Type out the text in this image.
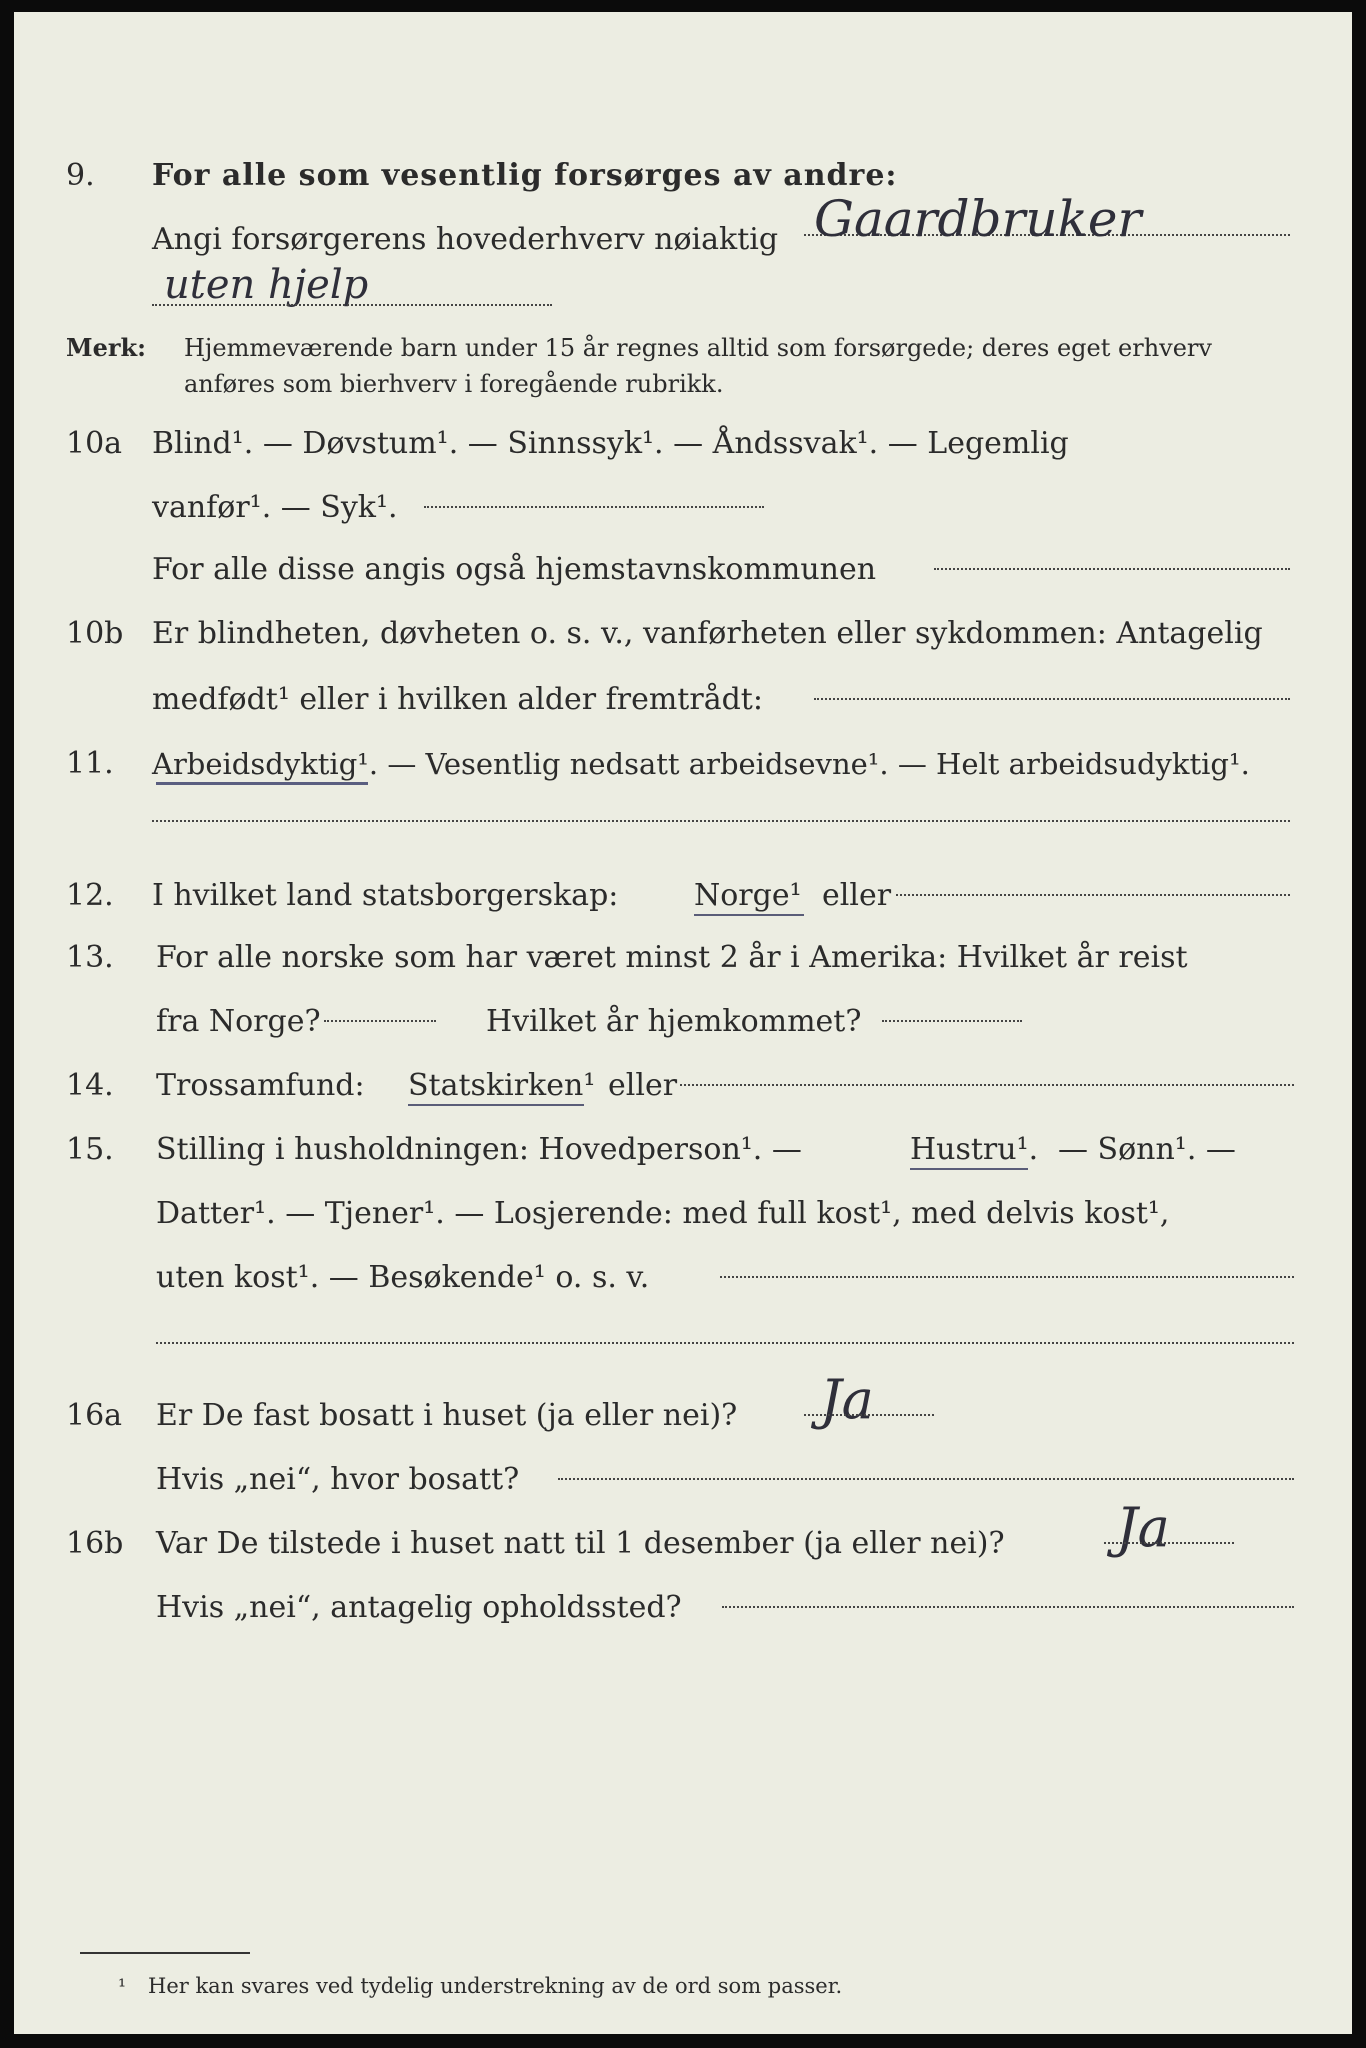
9. For alle som vesentlig forsørges av andre:
Angi forsørgerens hovederhverv nøiaktig Gaardbruker
uten hjelp
Merk: Hjemmeværende barn under 15 år regnes alltid som forsørgede; deres eget erhverv
anføres som bierhverv i foregående rubrikk.
10a Blind¹. — Døvstum¹. — Sinnssyk¹. — Åndssvak¹. — Legemlig
vanfør¹. — Syk¹.
For alle disse angis også hjemstavnskommunen
10b Er blindheten, døvheten o. s. v., vanførheten eller sykdommen: Antagelig
medfødt¹ eller i hvilken alder fremtrådt:
11. Arbeidsdyktig¹. — Vesentlig nedsatt arbeidsevne¹. — Helt arbeidsudyktig¹.
12. I hvilket land statsborgerskap:	Norge¹ eller
13. For alle norske som har været minst 2 år i Amerika: Hvilket år reist
fra Norge?	Hvilket år hjemkommet?
14. Trossamfund: Statskirken¹ eller
15. Stilling i husholdningen: Hovedperson¹. —	Hustru¹. — Sønn¹. —
Datter¹. — Tjener¹. — Losjerende: med full kost¹, med delvis kost¹,
uten kost¹. — Besøkende¹ o. s. v.
16a Er De fast bosatt i huset (ja eller nei)? Ja
Hvis „nei“, hvor bosatt?
16b Var De tilstede i huset natt til 1 desember (ja eller nei)? Ja
Hvis „nei“, antagelig opholdssted?
¹ Her kan svares ved tydelig understrekning av de ord som passer.
